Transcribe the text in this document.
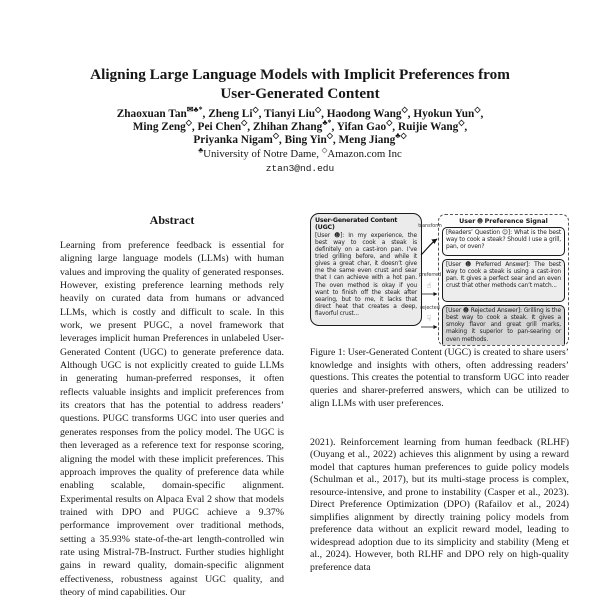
Aligning Large Language Models with Implicit Preferences from
User-Generated Content
Zhaoxuan Tan✉♣*, Zheng Li◇, Tianyi Liu◇, Haodong Wang◇, Hyokun Yun◇,
Ming Zeng◇, Pei Chen◇, Zhihan Zhang♣*, Yifan Gao◇, Ruijie Wang◇,
Priyanka Nigam◇, Bing Yin◇, Meng Jiang♣◇
♣University of Notre Dame, ◇Amazon.com Inc
ztan3@nd.edu
Abstract
Learning from preference feedback is essential for aligning large language models (LLMs) with human values and improving the quality of generated responses. However, existing preference learning methods rely heavily on curated data from humans or advanced LLMs, which is costly and difficult to scale. In this work, we present PUGC, a novel framework that leverages implicit human Preferences in unlabeled User-Generated Content (UGC) to generate preference data. Although UGC is not explicitly created to guide LLMs in generating human-preferred responses, it often reflects valuable insights and implicit preferences from its creators that has the potential to address readers’ questions. PUGC transforms UGC into user queries and generates responses from the policy model. The UGC is then leveraged as a reference text for response scoring, aligning the model with these implicit preferences. This approach improves the quality of preference data while enabling scalable, domain-specific alignment. Experimental results on Alpaca Eval 2 show that models trained with DPO and PUGC achieve a 9.37% performance improvement over traditional methods, setting a 35.93% state-of-the-art length-controlled win rate using Mistral-7B-Instruct. Further studies highlight gains in reward quality, domain-specific alignment effectiveness, robustness against UGC quality, and theory of mind capabilities. Our
User-Generated Content (UGC)
[User ☻]: In my experience, the best way to cook a steak is definitely on a cast-iron pan. I’ve tried grilling before, and while it gives a great char, it doesn’t give me the same even crust and sear that I can achieve with a hot pan. The oven method is okay if you want to finish off the steak after searing, but to me, it lacks that direct heat that creates a deep, flavorful crust...
User ☻ Preference Signal
[Readers’ Question ☺]: What is the best way to cook a steak? Should I use a grill, pan, or oven?
[User ☻ Preferred Answer]: The best way to cook a steak is using a cast-iron pan. It gives a perfect sear and an even crust that other methods can’t match...
[User ☻ Rejected Answer]: Grilling is the best way to cook a steak. It gives a smoky flavor and great grill marks, making it superior to pan-searing or oven methods.
transform
preferred
☝
rejected
☟
Figure 1: User-Generated Content (UGC) is created to share users’ knowledge and insights with others, often addressing readers’ questions. This creates the potential to transform UGC into reader queries and sharer-preferred answers, which can be utilized to align LLMs with user preferences.
2021). Reinforcement learning from human feedback (RLHF) (Ouyang et al., 2022) achieves this alignment by using a reward model that captures human preferences to guide policy models (Schulman et al., 2017), but its multi-stage process is complex, resource-intensive, and prone to instability (Casper et al., 2023). Direct Preference Optimization (DPO) (Rafailov et al., 2024) simplifies alignment by directly training policy models from preference data without an explicit reward model, leading to widespread adoption due to its simplicity and stability (Meng et al., 2024). However, both RLHF and DPO rely on high-quality preference data
